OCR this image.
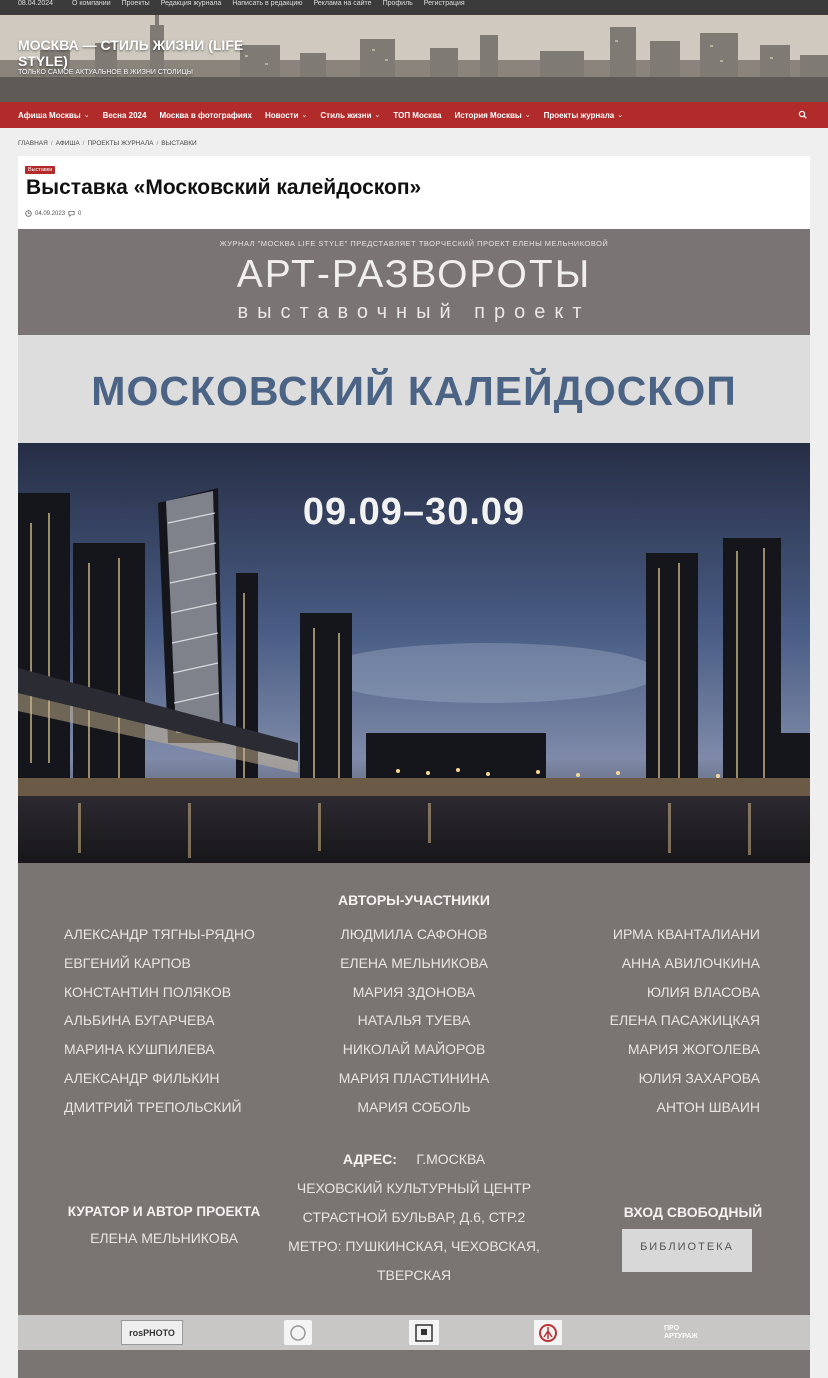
08.04.2024	О компании Проекты Редакция журнала Написать в редакцию Реклама на сайте Профиль Регистрация
МОСКВА — СТИЛЬ ЖИЗНИ (LIFE STYLE)
ТОЛЬКО САМОЕ АКТУАЛЬНОЕ В ЖИЗНИ СТОЛИЦЫ
Афиша Москвы ⌄ Весна 2024 Москва в фотографиях Новости ⌄ Стиль жизни ⌄ ТОП Москва История Москвы ⌄ Проекты журнала ⌄
ГЛАВНАЯ / АФИША / ПРОЕКТЫ ЖУРНАЛА / ВЫСТАВКИ
Выставки
Выставка «Московский калейдоскоп»
04.09.2023 0
ЖУРНАЛ "МОСКВА LIFE STYLE" ПРЕДСТАВЛЯЕТ ТВОРЧЕСКИЙ ПРОЕКТ ЕЛЕНЫ МЕЛЬНИКОВОЙ
АРТ-РАЗВОРОТЫ
выставочный проект
МОСКОВСКИЙ КАЛЕЙДОСКОП
09.09–30.09
АВТОРЫ-УЧАСТНИКИ
АЛЕКСАНДР ТЯГНЫ-РЯДНО
ЕВГЕНИЙ КАРПОВ
КОНСТАНТИН ПОЛЯКОВ
АЛЬБИНА БУГАРЧЕВА
МАРИНА КУШПИЛЕВА
АЛЕКСАНДР ФИЛЬКИН
ДМИТРИЙ ТРЕПОЛЬСКИЙ
ЛЮДМИЛА САФОНОВ
ЕЛЕНА МЕЛЬНИКОВА
МАРИЯ ЗДОНОВА
НАТАЛЬЯ ТУЕВА
НИКОЛАЙ МАЙОРОВ
МАРИЯ ПЛАСТИНИНА
МАРИЯ СОБОЛЬ
ИРМА КВАНТАЛИАНИ
АННА АВИЛОЧКИНА
ЮЛИЯ ВЛАСОВА
ЕЛЕНА ПАСАЖИЦКАЯ
МАРИЯ ЖОГОЛЕВА
ЮЛИЯ ЗАХАРОВА
АНТОН ШВАИН
АДРЕС: Г.МОСКВА
ЧЕХОВСКИЙ КУЛЬТУРНЫЙ ЦЕНТР
СТРАСТНОЙ БУЛЬВАР, Д.6, СТР.2
МЕТРО: ПУШКИНСКАЯ, ЧЕХОВСКАЯ,
ТВЕРСКАЯ
КУРАТОР И АВТОР ПРОЕКТА
ЕЛЕНА МЕЛЬНИКОВА
ВХОД СВОБОДНЫЙ
БИБЛИОТЕКА

rosPHOTO	ПРО АРТУРАЖ
